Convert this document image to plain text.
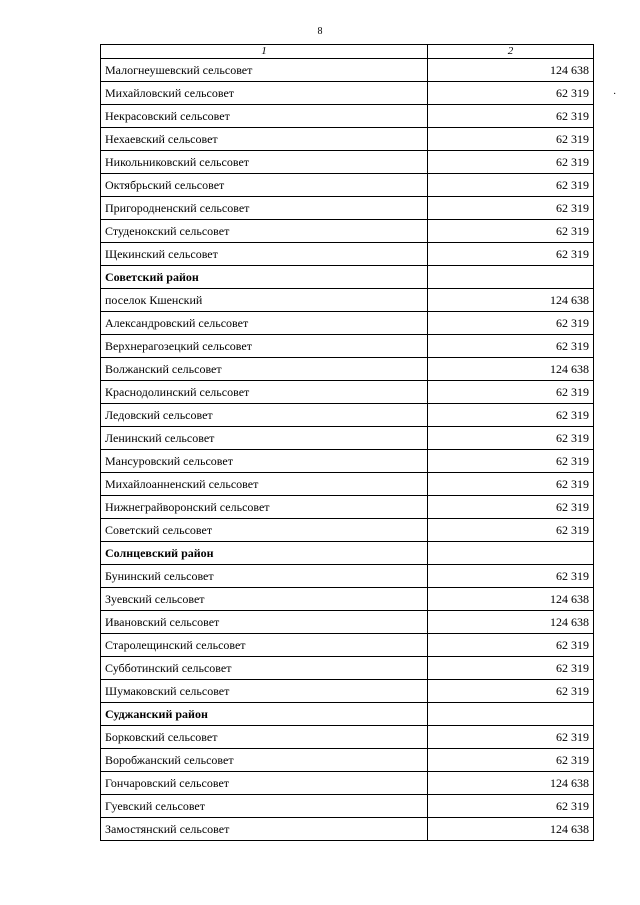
8
·
1	2
Малогнеушевский сельсовет	124 638
Михайловский сельсовет	62 319
Некрасовский сельсовет	62 319
Нехаевский сельсовет	62 319
Никольниковский сельсовет	62 319
Октябрьский сельсовет	62 319
Пригородненский сельсовет	62 319
Студенокский сельсовет	62 319
Щекинский сельсовет	62 319
Советский район	
поселок Кшенский	124 638
Александровский сельсовет	62 319
Верхнерагозецкий сельсовет	62 319
Волжанский сельсовет	124 638
Краснодолинский сельсовет	62 319
Ледовский сельсовет	62 319
Ленинский сельсовет	62 319
Мансуровский сельсовет	62 319
Михайлоанненский сельсовет	62 319
Нижнеграйворонский сельсовет	62 319
Советский сельсовет	62 319
Солнцевский район	
Бунинский сельсовет	62 319
Зуевский сельсовет	124 638
Ивановский сельсовет	124 638
Старолещинский сельсовет	62 319
Субботинский сельсовет	62 319
Шумаковский сельсовет	62 319
Суджанский район	
Борковский сельсовет	62 319
Воробжанский сельсовет	62 319
Гончаровский сельсовет	124 638
Гуевский сельсовет	62 319
Замостянский сельсовет	124 638
